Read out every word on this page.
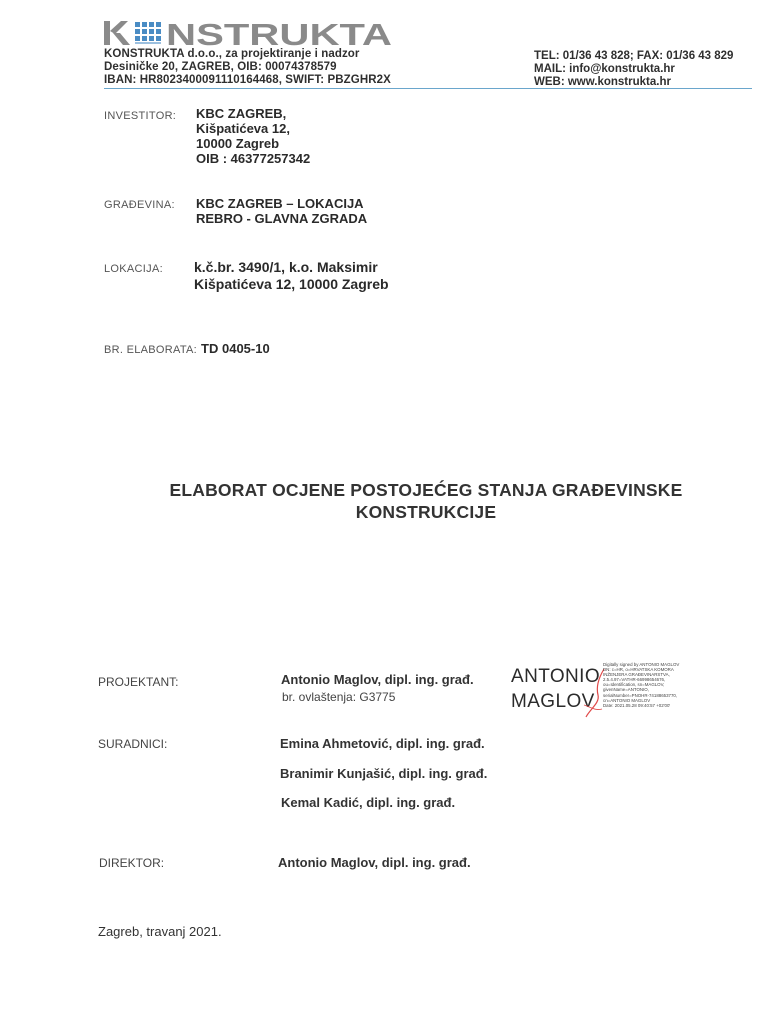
NSTRUKTA
KONSTRUKTA d.o.o., za projektiranje i nadzor
Desiničke 20, ZAGREB, OIB: 00074378579
IBAN: HR8023400091110164468, SWIFT: PBZGHR2X
TEL: 01/36 43 828; FAX: 01/36 43 829
MAIL: info@konstrukta.hr
WEB: www.konstrukta.hr
INVESTITOR: KBC ZAGREB,
Kišpatićeva 12,
10000 Zagreb
OIB : 46377257342
GRAĐEVINA: KBC ZAGREB – LOKACIJA
REBRO - GLAVNA ZGRADA
LOKACIJA: k.č.br. 3490/1, k.o. Maksimir
Kišpatićeva 12, 10000 Zagreb
BR. ELABORATA: TD 0405-10
ELABORAT OCJENE POSTOJEĆEG STANJA GRAĐEVINSKE
KONSTRUKCIJE
PROJEKTANT:	Antonio Maglov, dipl. ing. građ.
br. ovlaštenja: G3775
ANTONIO
MAGLOV
Digitally signed by ANTONIO MAGLOV
DN: c=HR, o=HRVATSKA KOMORA
INŽENJERA GRAĐEVINARSTVA,
2.5.4.97=VATHR-66998654676,
ou=Identification, sn=MAGLOV,
givenName=ANTONIO,
serialNumber=PNOHR-74188653770,
cn=ANTONIO MAGLOV
Date: 2021.05.28 09:40:57 +02'00'
SURADNICI:	Emina Ahmetović, dipl. ing. građ.
Branimir Kunjašić, dipl. ing. građ.
Kemal Kadić, dipl. ing. građ.
DIREKTOR:	Antonio Maglov, dipl. ing. građ.
Zagreb, travanj 2021.
